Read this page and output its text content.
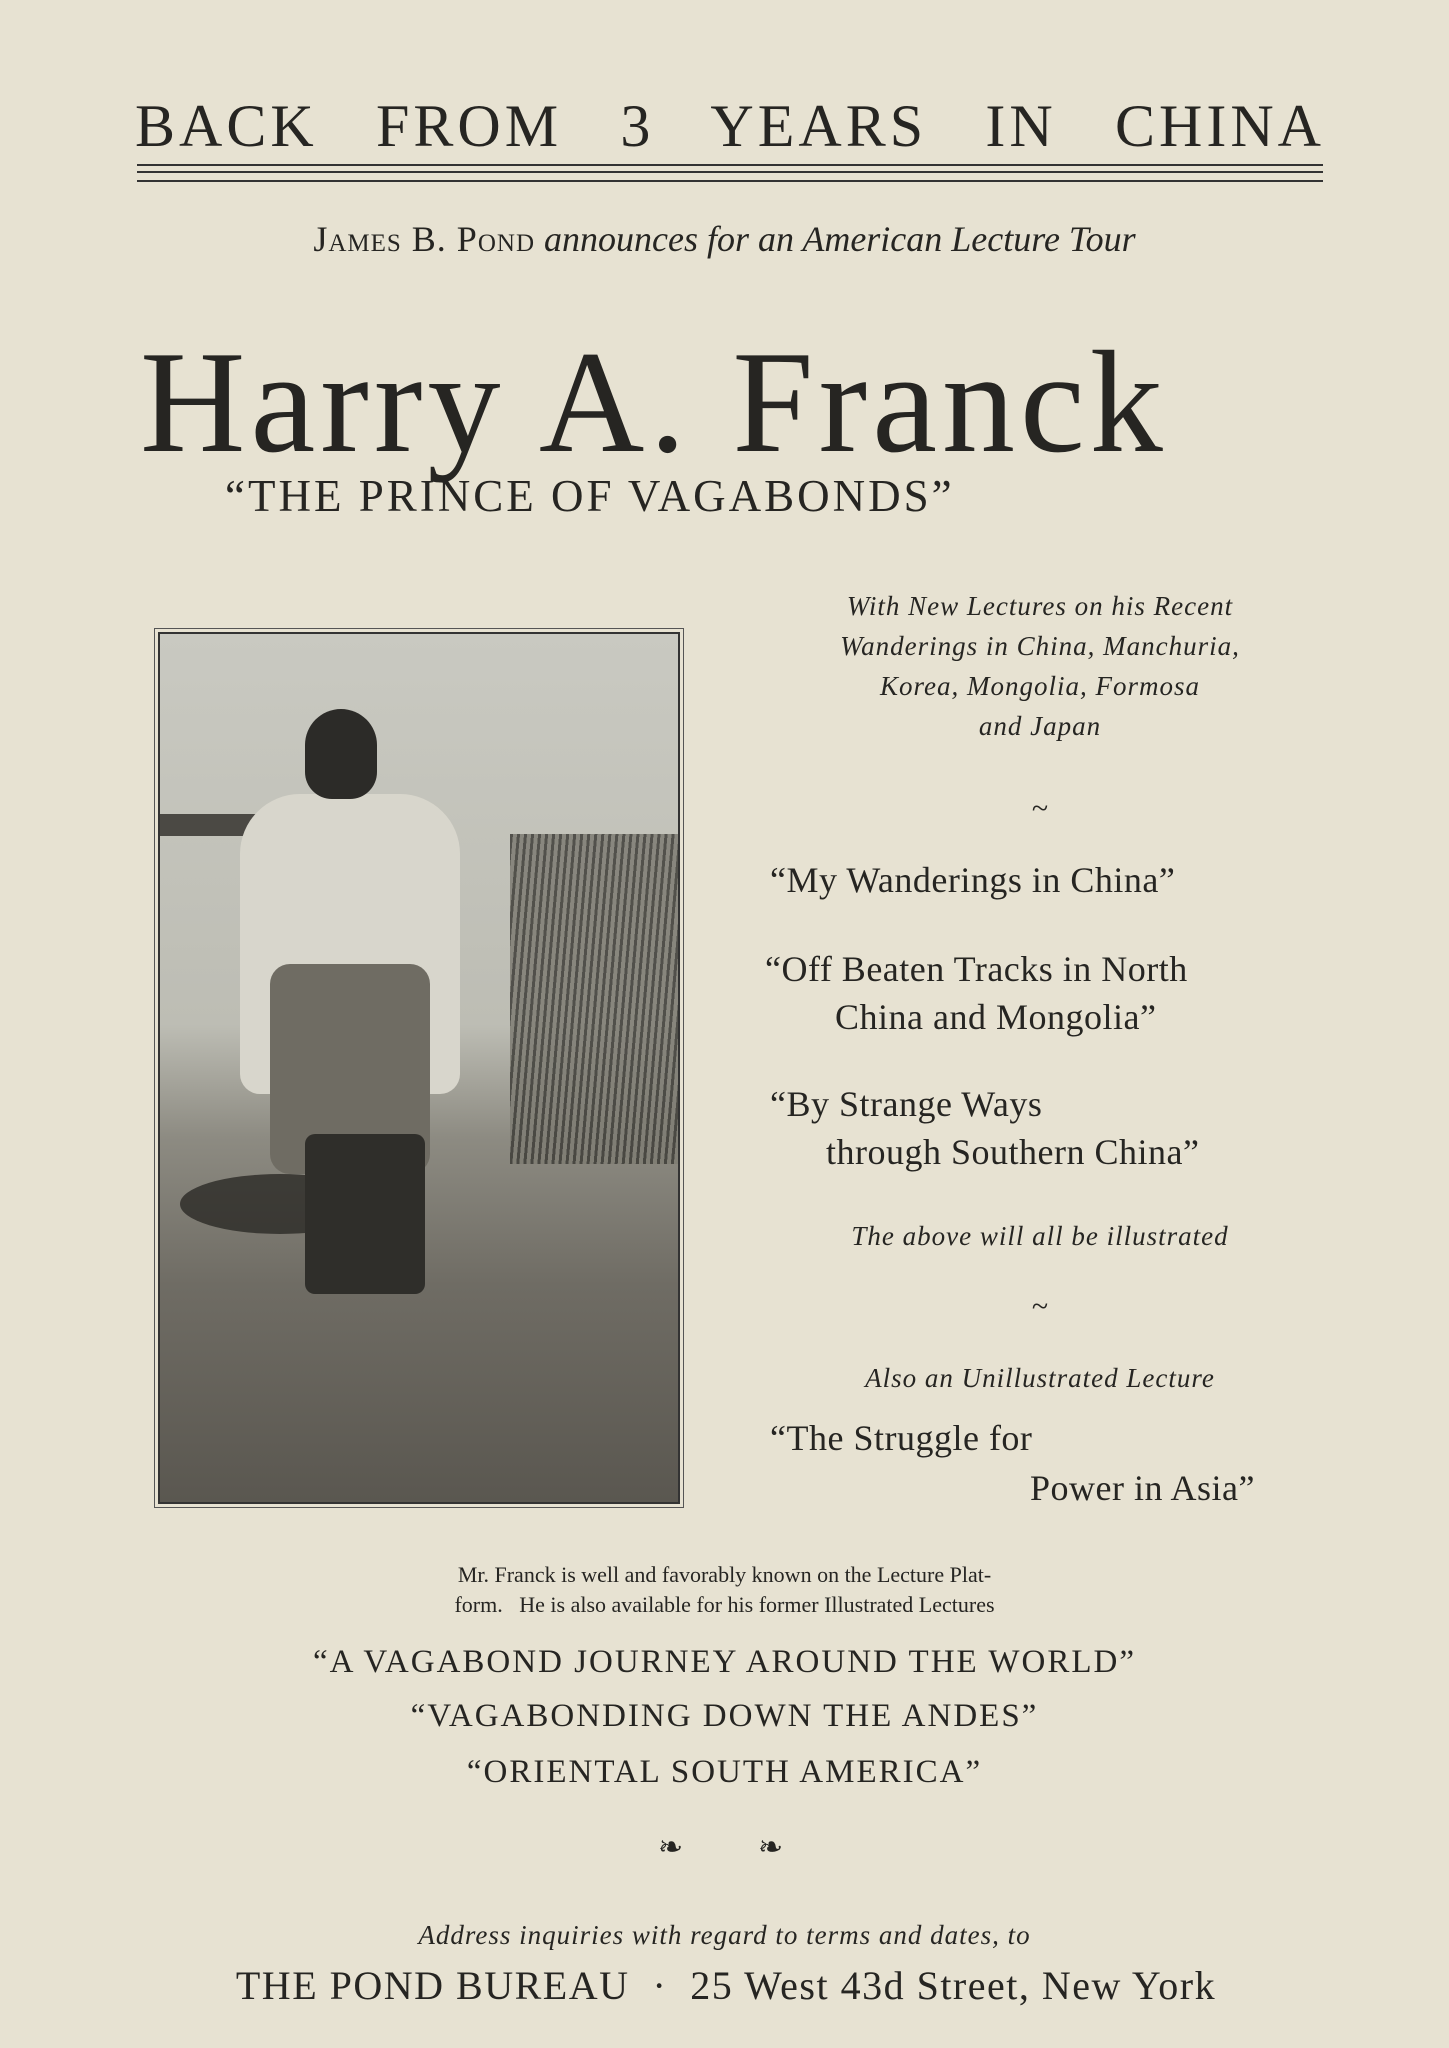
BACK FROM 3 YEARS IN CHINA
James B. Pond announces for an American Lecture Tour
Harry A. Franck
“THE PRINCE OF VAGABONDS”
With New Lectures on his Recent
Wanderings in China, Manchuria,
Korea, Mongolia, Formosa
and Japan
~
“My Wanderings in China”
“Off Beaten Tracks in North
China and Mongolia”
“By Strange Ways
through Southern China”
The above will all be illustrated
~
Also an Unillustrated Lecture
“The Struggle for
Power in Asia”
Mr. Franck is well and favorably known on the Lecture Plat-
form.   He is also available for his former Illustrated Lectures
“A VAGABOND JOURNEY AROUND THE WORLD”
“VAGABONDING DOWN THE ANDES”
“ORIENTAL SOUTH AMERICA”
❧ ❧
Address inquiries with regard to terms and dates, to
THE POND BUREAU  ·  25 West 43d Street, New York
